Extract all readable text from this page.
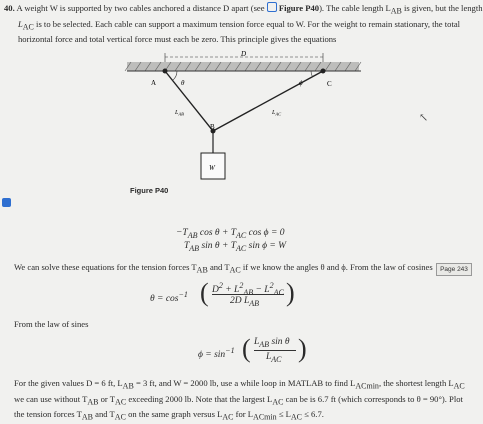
40. A weight W is supported by two cables anchored a distance D apart (see Figure P40). The cable length $L_{AB}$ is given, but the length
$L_{AC}$ is to be selected. Each cable can support a maximum tension force equal to W. For the weight to remain stationary, the total
horizontal force and total vertical force must each be zero. This principle gives the equations
D
A	C
B
θ	ϕ
$L_{AB}$	$L_{AC}$
W
Figure P40
↖
$-T_{AB}$ $\cos \theta + T_{AC}$ cos ϕ = 0
$T_{AB}$ $\sin \theta + T_{AC}$ sin ϕ = W
We can solve these equations for the tension forces $T_{AB}$ and $T_{AC}$ if we know the angles θ and ϕ. From the law of cosines	Page 243
$\theta = \cos^{-1}$ ( $D^2 + L^2_{AB} - L^2_{AC}$
2D $L_{AB}$ )
From the law of sines
$\phi = \sin^{-1}$ ( $L_{AB}$ sin θ
$L_{AC}$ )
For the given values D = 6 ft, $L_{AB} = 3$ ft, and W = 2000 lb, use a while loop in MATLAB to find $L_{ACmin}$, the shortest length $L_{AC}$
we can use without $T_{AB}$ or $T_{AC}$ exceeding 2000 lb. Note that the largest $L_{AC}$ can be is 6.7 ft (which corresponds to θ = 90°). Plot
the tension forces $T_{AB}$ and $T_{AC}$ on the same graph versus $L_{AC}$ for $L_{ACmin} \le L_{AC} \le 6.7$.
